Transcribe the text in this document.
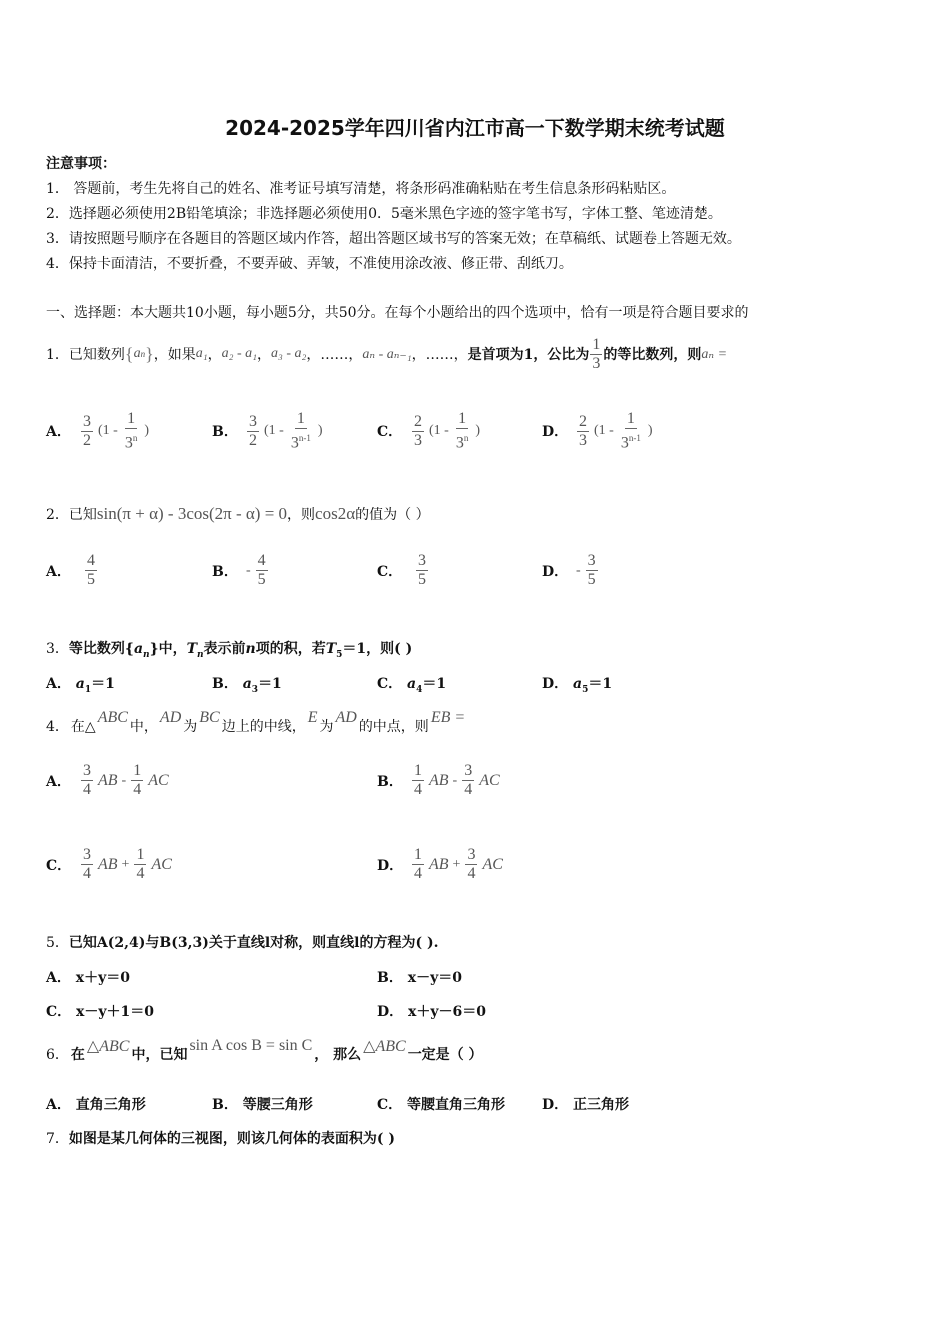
2024-2025学年四川省内江市高一下数学期末统考试题
注意事项：
1． 答题前，考生先将自己的姓名、准考证号填写清楚，将条形码准确粘贴在考生信息条形码粘贴区。
2．选择题必须使用2B铅笔填涂；非选择题必须使用0．5毫米黑色字迹的签字笔书写，字体工整、笔迹清楚。
3．请按照题号顺序在各题目的答题区域内作答，超出答题区域书写的答案无效；在草稿纸、试题卷上答题无效。
4．保持卡面清洁，不要折叠，不要弄破、弄皱，不准使用涂改液、修正带、刮纸刀。
一、选择题：本大题共10小题，每小题5分，共50分。在每个小题给出的四个选项中，恰有一项是符合题目要求的
1． 已知数列 { a n } ，如果 a₁ ， a₂ - a₁ ， a₃ - a₂ ，……， aₙ - aₙ₋₁ ，……， 是首项为1，公比为 $\frac{1}{3}$ 的等比数列，则 aₙ =
A． $\frac{3}{2} (1 - \frac{1}{3^n}$ )	B． $\frac{3}{2} (1 - \frac{1}{3^{n-1}}$ )	C． $\frac{2}{3} (1 - \frac{1}{3^n}$ )	D． $\frac{2}{3} (1 - \frac{1}{3^{n-1}}$ )
2． 已知 sin(π + α) - 3cos(2π - α) = 0 ，则 cos2α 的值为（ ）
A． $\frac{4}{5}$	B． - $\frac{4}{5}$	C． $\frac{3}{5}$	D． - $\frac{3}{5}$
3．等比数列$\{a_n\}$中，$T_n$表示前n项的积，若$T_5=1$，则( )
A． $a_1=1$	B． $a_3=1$	C． $a_4=1$	D． $a_5=1$
4． 在△
ABC
中，
AD
为
BC
边上的中线，
E
为
AD
的中点，则
EB =
A． $\frac{3}{4}$ AB - $\frac{1}{4}$ AC	B． $\frac{1}{4}$ AB - $\frac{3}{4}$ AC
C． $\frac{3}{4}$ AB + $\frac{1}{4}$ AC	D． $\frac{1}{4}$ AB + $\frac{3}{4}$ AC
5．已知A(2,4)与B(3,3)关于直线l对称，则直线l的方程为( ).
A． x＋y＝0	B． x－y＝0
C． x－y＋1＝0	D． x＋y－6＝0
6． 在 △ABC 中，已知
sin A cos B = sin C
， 那么 △ABC 一定是（ ）
A． 直角三角形	B． 等腰三角形	C． 等腰直角三角形	D． 正三角形
7．如图是某几何体的三视图，则该几何体的表面积为( )
